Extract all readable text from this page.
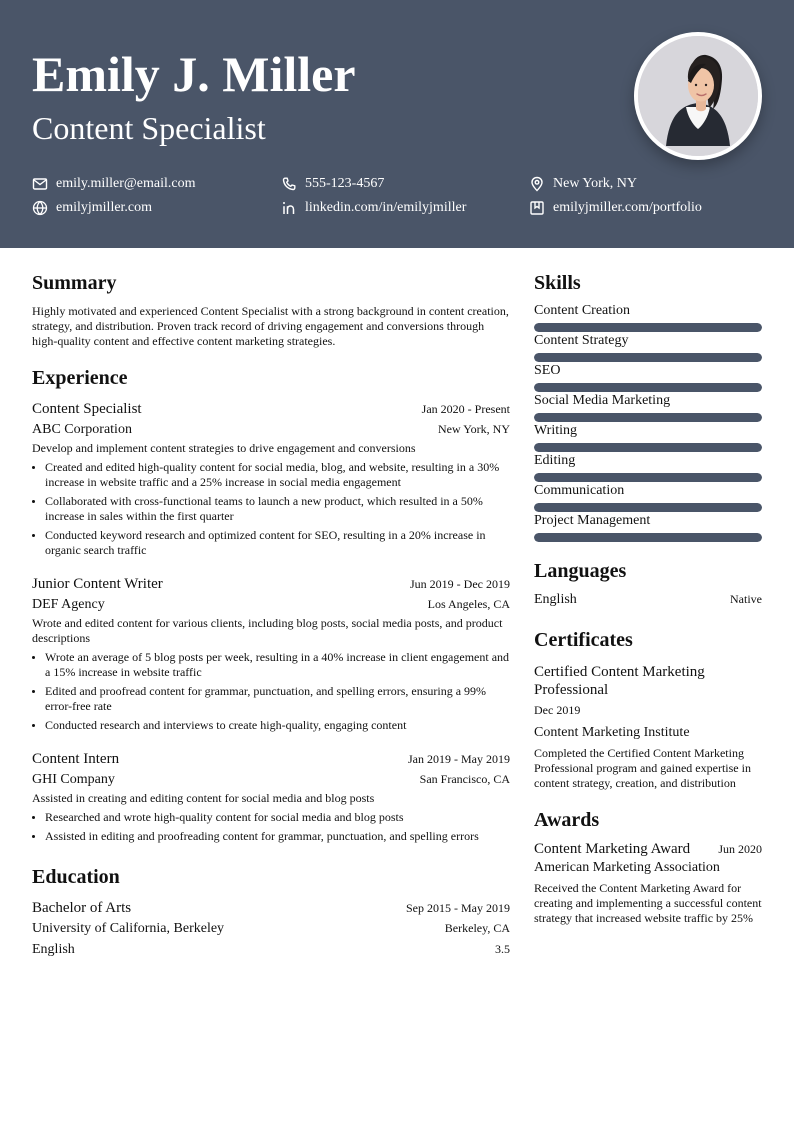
Emily J. Miller
Content Specialist
emily.miller@email.com	555-123-4567	New York, NY
emilyjmiller.com	linkedin.com/in/emilyjmiller	emilyjmiller.com/portfolio
Summary
Highly motivated and experienced Content Specialist with a strong background in content creation, strategy, and distribution. Proven track record of driving engagement and conversions through high-quality content and effective content marketing strategies.
Experience
Content Specialist	Jan 2020 - Present
ABC Corporation	New York, NY
Develop and implement content strategies to drive engagement and conversions
Created and edited high-quality content for social media, blog, and website, resulting in a 30% increase in website traffic and a 25% increase in social media engagement
Collaborated with cross-functional teams to launch a new product, which resulted in a 50% increase in sales within the first quarter
Conducted keyword research and optimized content for SEO, resulting in a 20% increase in organic search traffic
Junior Content Writer	Jun 2019 - Dec 2019
DEF Agency	Los Angeles, CA
Wrote and edited content for various clients, including blog posts, social media posts, and product descriptions
Wrote an average of 5 blog posts per week, resulting in a 40% increase in client engagement and a 15% increase in website traffic
Edited and proofread content for grammar, punctuation, and spelling errors, ensuring a 99% error-free rate
Conducted research and interviews to create high-quality, engaging content
Content Intern	Jan 2019 - May 2019
GHI Company	San Francisco, CA
Assisted in creating and editing content for social media and blog posts
Researched and wrote high-quality content for social media and blog posts
Assisted in editing and proofreading content for grammar, punctuation, and spelling errors
Education
Bachelor of Arts	Sep 2015 - May 2019
University of California, Berkeley	Berkeley, CA
English	3.5
Skills
Content Creation
Content Strategy
SEO
Social Media Marketing
Writing
Editing
Communication
Project Management
Languages
English	Native
Certificates
Certified Content Marketing Professional
Dec 2019
Content Marketing Institute
Completed the Certified Content Marketing Professional program and gained expertise in content strategy, creation, and distribution
Awards
Content Marketing Award Jun 2020
American Marketing Association
Received the Content Marketing Award for creating and implementing a successful content strategy that increased website traffic by 25%
